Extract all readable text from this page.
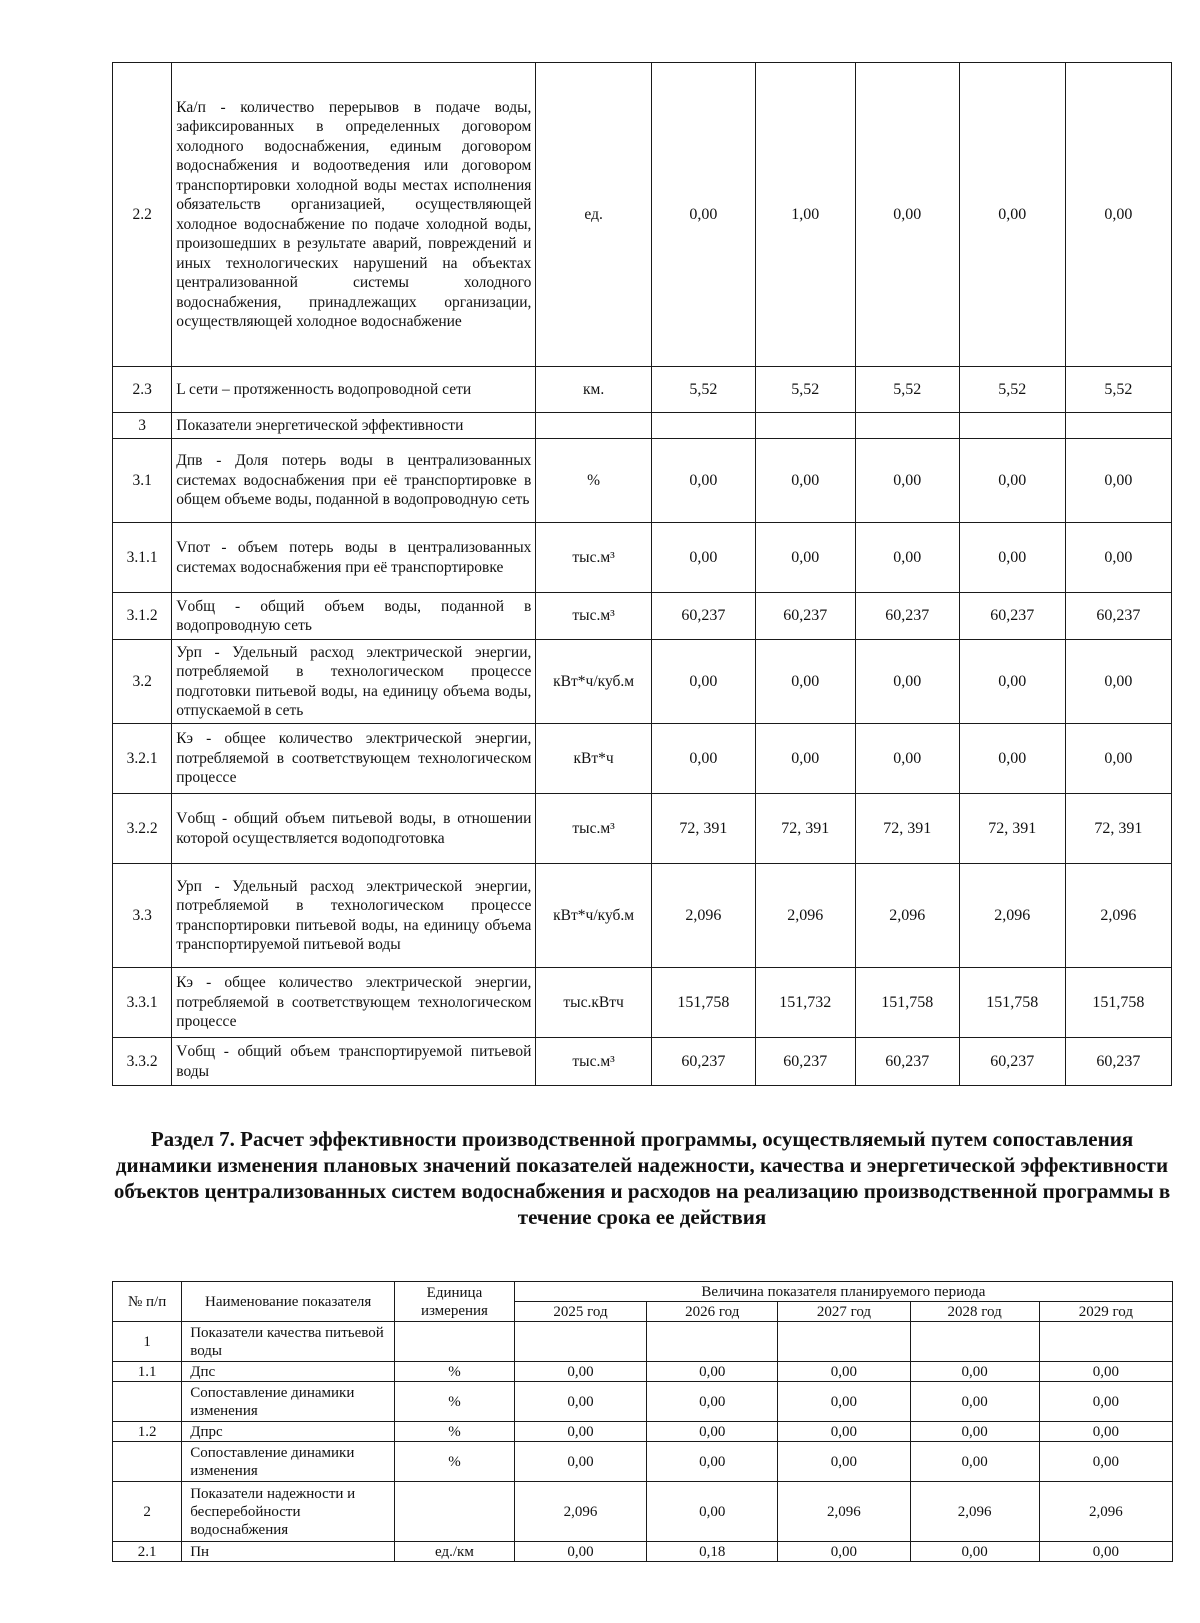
2.2	Ка/п - количество перерывов в подаче воды, зафиксированных в определенных договором холодного водоснабжения, единым договором водоснабжения и водоотведения или договором транспортировки холодной воды местах исполнения обязательств организацией, осуществляющей холодное водоснабжение по подаче холодной воды, произошедших в результате аварий, повреждений и иных технологических нарушений на объектах централизованной системы холодного водоснабжения, принадлежащих организации, осуществляющей холодное водоснабжение	ед.	0,00	1,00	0,00	0,00	0,00
2.3	L сети – протяженность водопроводной сети	км.	5,52	5,52	5,52	5,52	5,52
3	Показатели энергетической эффективности						
3.1	Дпв - Доля потерь воды в централизованных системах водоснабжения при её транспортировке в общем объеме воды, поданной в водопроводную сеть	%	0,00	0,00	0,00	0,00	0,00
3.1.1	Vпот - объем потерь воды в централизованных системах водоснабжения при её транспортировке	тыс.м³	0,00	0,00	0,00	0,00	0,00
3.1.2	Vобщ - общий объем воды, поданной в водопроводную сеть	тыс.м³	60,237	60,237	60,237	60,237	60,237
3.2	Урп - Удельный расход электрической энергии, потребляемой в технологическом процессе подготовки питьевой воды, на единицу объема воды, отпускаемой в сеть	кВт*ч/куб.м	0,00	0,00	0,00	0,00	0,00
3.2.1	Кэ - общее количество электрической энергии, потребляемой в соответствующем технологическом процессе	кВт*ч	0,00	0,00	0,00	0,00	0,00
3.2.2	Vобщ - общий объем питьевой воды, в отношении которой осуществляется водоподготовка	тыс.м³	72, 391	72, 391	72, 391	72, 391	72, 391
3.3	Урп - Удельный расход электрической энергии, потребляемой в технологическом процессе транспортировки питьевой воды, на единицу объема транспортируемой питьевой воды	кВт*ч/куб.м	2,096	2,096	2,096	2,096	2,096
3.3.1	Кэ - общее количество электрической энергии, потребляемой в соответствующем технологическом процессе	тыс.кВтч	151,758	151,732	151,758	151,758	151,758
3.3.2	Vобщ - общий объем транспортируемой питьевой воды	тыс.м³	60,237	60,237	60,237	60,237	60,237
Раздел 7. Расчет эффективности производственной программы, осуществляемый путем сопоставления динамики изменения плановых значений показателей надежности, качества и энергетической эффективности объектов централизованных систем водоснабжения и расходов на реализацию производственной программы в течение срока ее действия
№ п/п	Наименование показателя	Единица измерения	Величина показателя планируемого периода				
			2025 год	2026 год	2027 год	2028 год	2029 год
1	Показатели качества питьевой воды						
1.1	Дпс	%	0,00	0,00	0,00	0,00	0,00
	Сопоставление динамики изменения	%	0,00	0,00	0,00	0,00	0,00
1.2	Дпрс	%	0,00	0,00	0,00	0,00	0,00
	Сопоставление динамики изменения	%	0,00	0,00	0,00	0,00	0,00
2	Показатели надежности и бесперебойности водоснабжения		2,096	0,00	2,096	2,096	2,096
2.1	Пн	ед./км	0,00	0,18	0,00	0,00	0,00
